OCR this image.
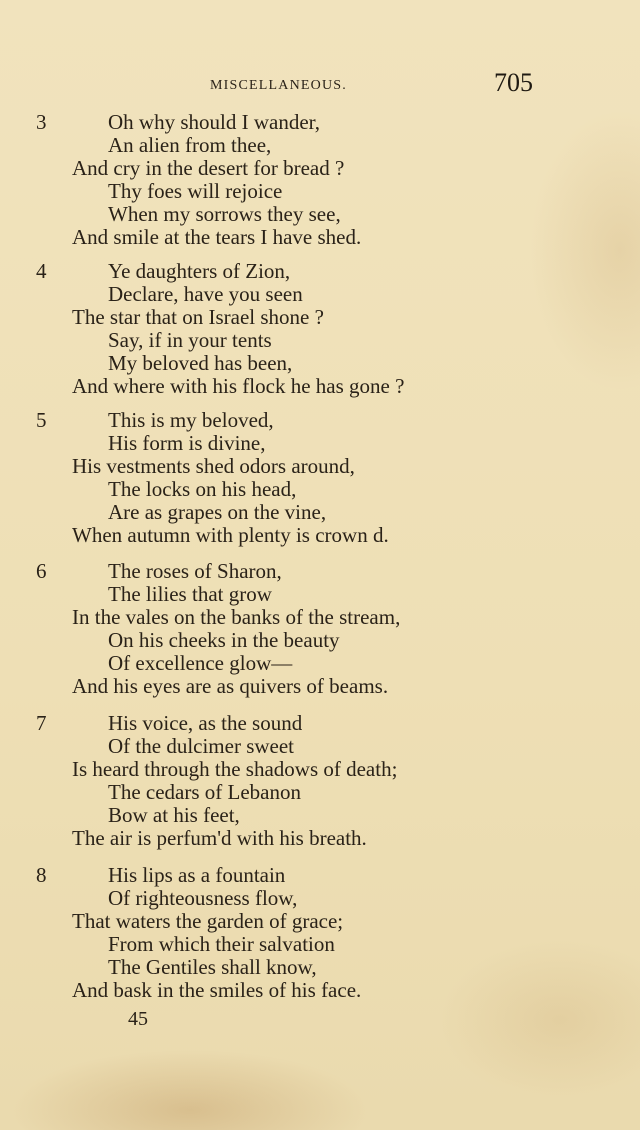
MISCELLANEOUS.	705
3	Oh why should I wander,
An alien from thee,
And cry in the desert for bread ?
Thy foes will rejoice
When my sorrows they see,
And smile at the tears I have shed.
4	Ye daughters of Zion,
Declare, have you seen
The star that on Israel shone ?
Say, if in your tents
My beloved has been,
And where with his flock he has gone ?
5	This is my beloved,
His form is divine,
His vestments shed odors around,
The locks on his head,
Are as grapes on the vine,
When autumn with plenty is crown d.
6	The roses of Sharon,
The lilies that grow
In the vales on the banks of the stream,
On his cheeks in the beauty
Of excellence glow—
And his eyes are as quivers of beams.
7	His voice, as the sound
Of the dulcimer sweet
Is heard through the shadows of death;
The cedars of Lebanon
Bow at his feet,
The air is perfum'd with his breath.
8	His lips as a fountain
Of righteousness flow,
That waters the garden of grace;
From which their salvation
The Gentiles shall know,
And bask in the smiles of his face.
45
